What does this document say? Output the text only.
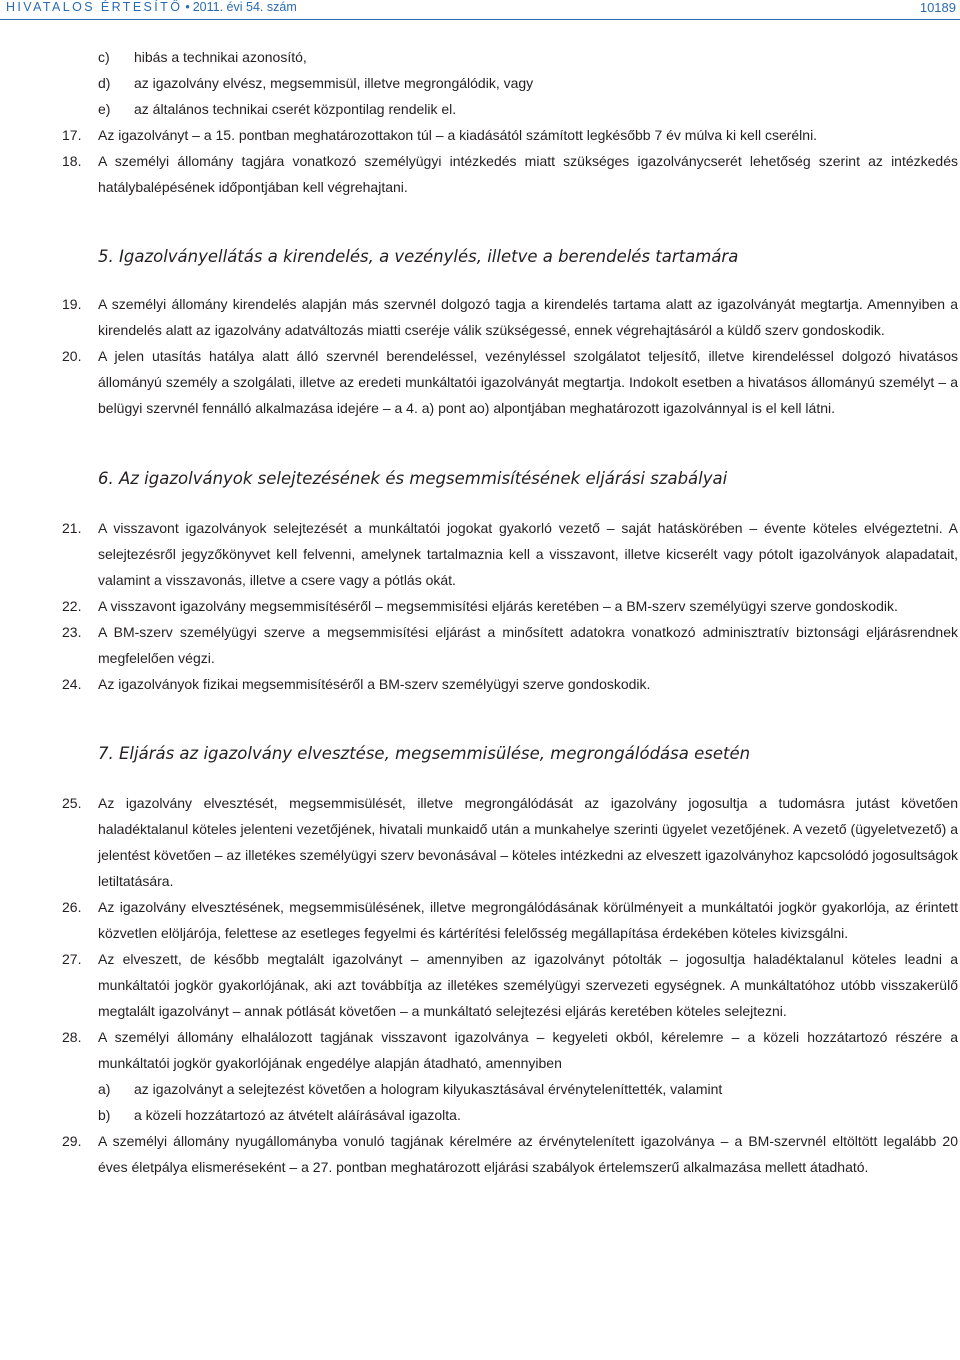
HIVATALOS ÉRTESÍTŐ • 2011. évi 54. szám	10189
c) hibás a technikai azonosító,
d) az igazolvány elvész, megsemmisül, illetve megrongálódik, vagy
e) az általános technikai cserét központilag rendelik el.
17. Az igazolványt – a 15. pontban meghatározottakon túl – a kiadásától számított legkésőbb 7 év múlva ki kell cserélni.
18. A személyi állomány tagjára vonatkozó személyügyi intézkedés miatt szükséges igazolványcserét lehetőség szerint az intézkedés hatálybalépésének időpontjában kell végrehajtani.
5. Igazolványellátás a kirendelés, a vezénylés, illetve a berendelés tartamára
19. A személyi állomány kirendelés alapján más szervnél dolgozó tagja a kirendelés tartama alatt az igazolványát megtartja. Amennyiben a kirendelés alatt az igazolvány adatváltozás miatti cseréje válik szükségessé, ennek végrehajtásáról a küldő szerv gondoskodik.
20. A jelen utasítás hatálya alatt álló szervnél berendeléssel, vezényléssel szolgálatot teljesítő, illetve kirendeléssel dolgozó hivatásos állományú személy a szolgálati, illetve az eredeti munkáltatói igazolványát megtartja. Indokolt esetben a hivatásos állományú személyt – a belügyi szervnél fennálló alkalmazása idejére – a 4. a) pont ao) alpontjában meghatározott igazolvánnyal is el kell látni.
6. Az igazolványok selejtezésének és megsemmisítésének eljárási szabályai
21. A visszavont igazolványok selejtezését a munkáltatói jogokat gyakorló vezető – saját hatáskörében – évente köteles elvégeztetni. A selejtezésről jegyzőkönyvet kell felvenni, amelynek tartalmaznia kell a visszavont, illetve kicserélt vagy pótolt igazolványok alapadatait, valamint a visszavonás, illetve a csere vagy a pótlás okát.
22. A visszavont igazolvány megsemmisítéséről – megsemmisítési eljárás keretében – a BM-szerv személyügyi szerve gondoskodik.
23. A BM-szerv személyügyi szerve a megsemmisítési eljárást a minősített adatokra vonatkozó adminisztratív biztonsági eljárásrendnek megfelelően végzi.
24. Az igazolványok fizikai megsemmisítéséről a BM-szerv személyügyi szerve gondoskodik.
7. Eljárás az igazolvány elvesztése, megsemmisülése, megrongálódása esetén
25. Az igazolvány elvesztését, megsemmisülését, illetve megrongálódását az igazolvány jogosultja a tudomásra jutást követően haladéktalanul köteles jelenteni vezetőjének, hivatali munkaidő után a munkahelye szerinti ügyelet vezetőjének. A vezető (ügyeletvezető) a jelentést követően – az illetékes személyügyi szerv bevonásával – köteles intézkedni az elveszett igazolványhoz kapcsolódó jogosultságok letiltatására.
26. Az igazolvány elvesztésének, megsemmisülésének, illetve megrongálódásának körülményeit a munkáltatói jogkör gyakorlója, az érintett közvetlen elöljárója, felettese az esetleges fegyelmi és kártérítési felelősség megállapítása érdekében köteles kivizsgálni.
27. Az elveszett, de később megtalált igazolványt – amennyiben az igazolványt pótolták – jogosultja haladéktalanul köteles leadni a munkáltatói jogkör gyakorlójának, aki azt továbbítja az illetékes személyügyi szervezeti egységnek. A munkáltatóhoz utóbb visszakerülő megtalált igazolványt – annak pótlását követően – a munkáltató selejtezési eljárás keretében köteles selejtezni.
28. A személyi állomány elhalálozott tagjának visszavont igazolványa – kegyeleti okból, kérelemre – a közeli hozzátartozó részére a munkáltatói jogkör gyakorlójának engedélye alapján átadható, amennyiben
a) az igazolványt a selejtezést követően a hologram kilyukasztásával érvényteleníttették, valamint
b) a közeli hozzátartozó az átvételt aláírásával igazolta.
29. A személyi állomány nyugállományba vonuló tagjának kérelmére az érvénytelenített igazolványa – a BM-szervnél eltöltött legalább 20 éves életpálya elismeréseként – a 27. pontban meghatározott eljárási szabályok értelemszerű alkalmazása mellett átadható.
